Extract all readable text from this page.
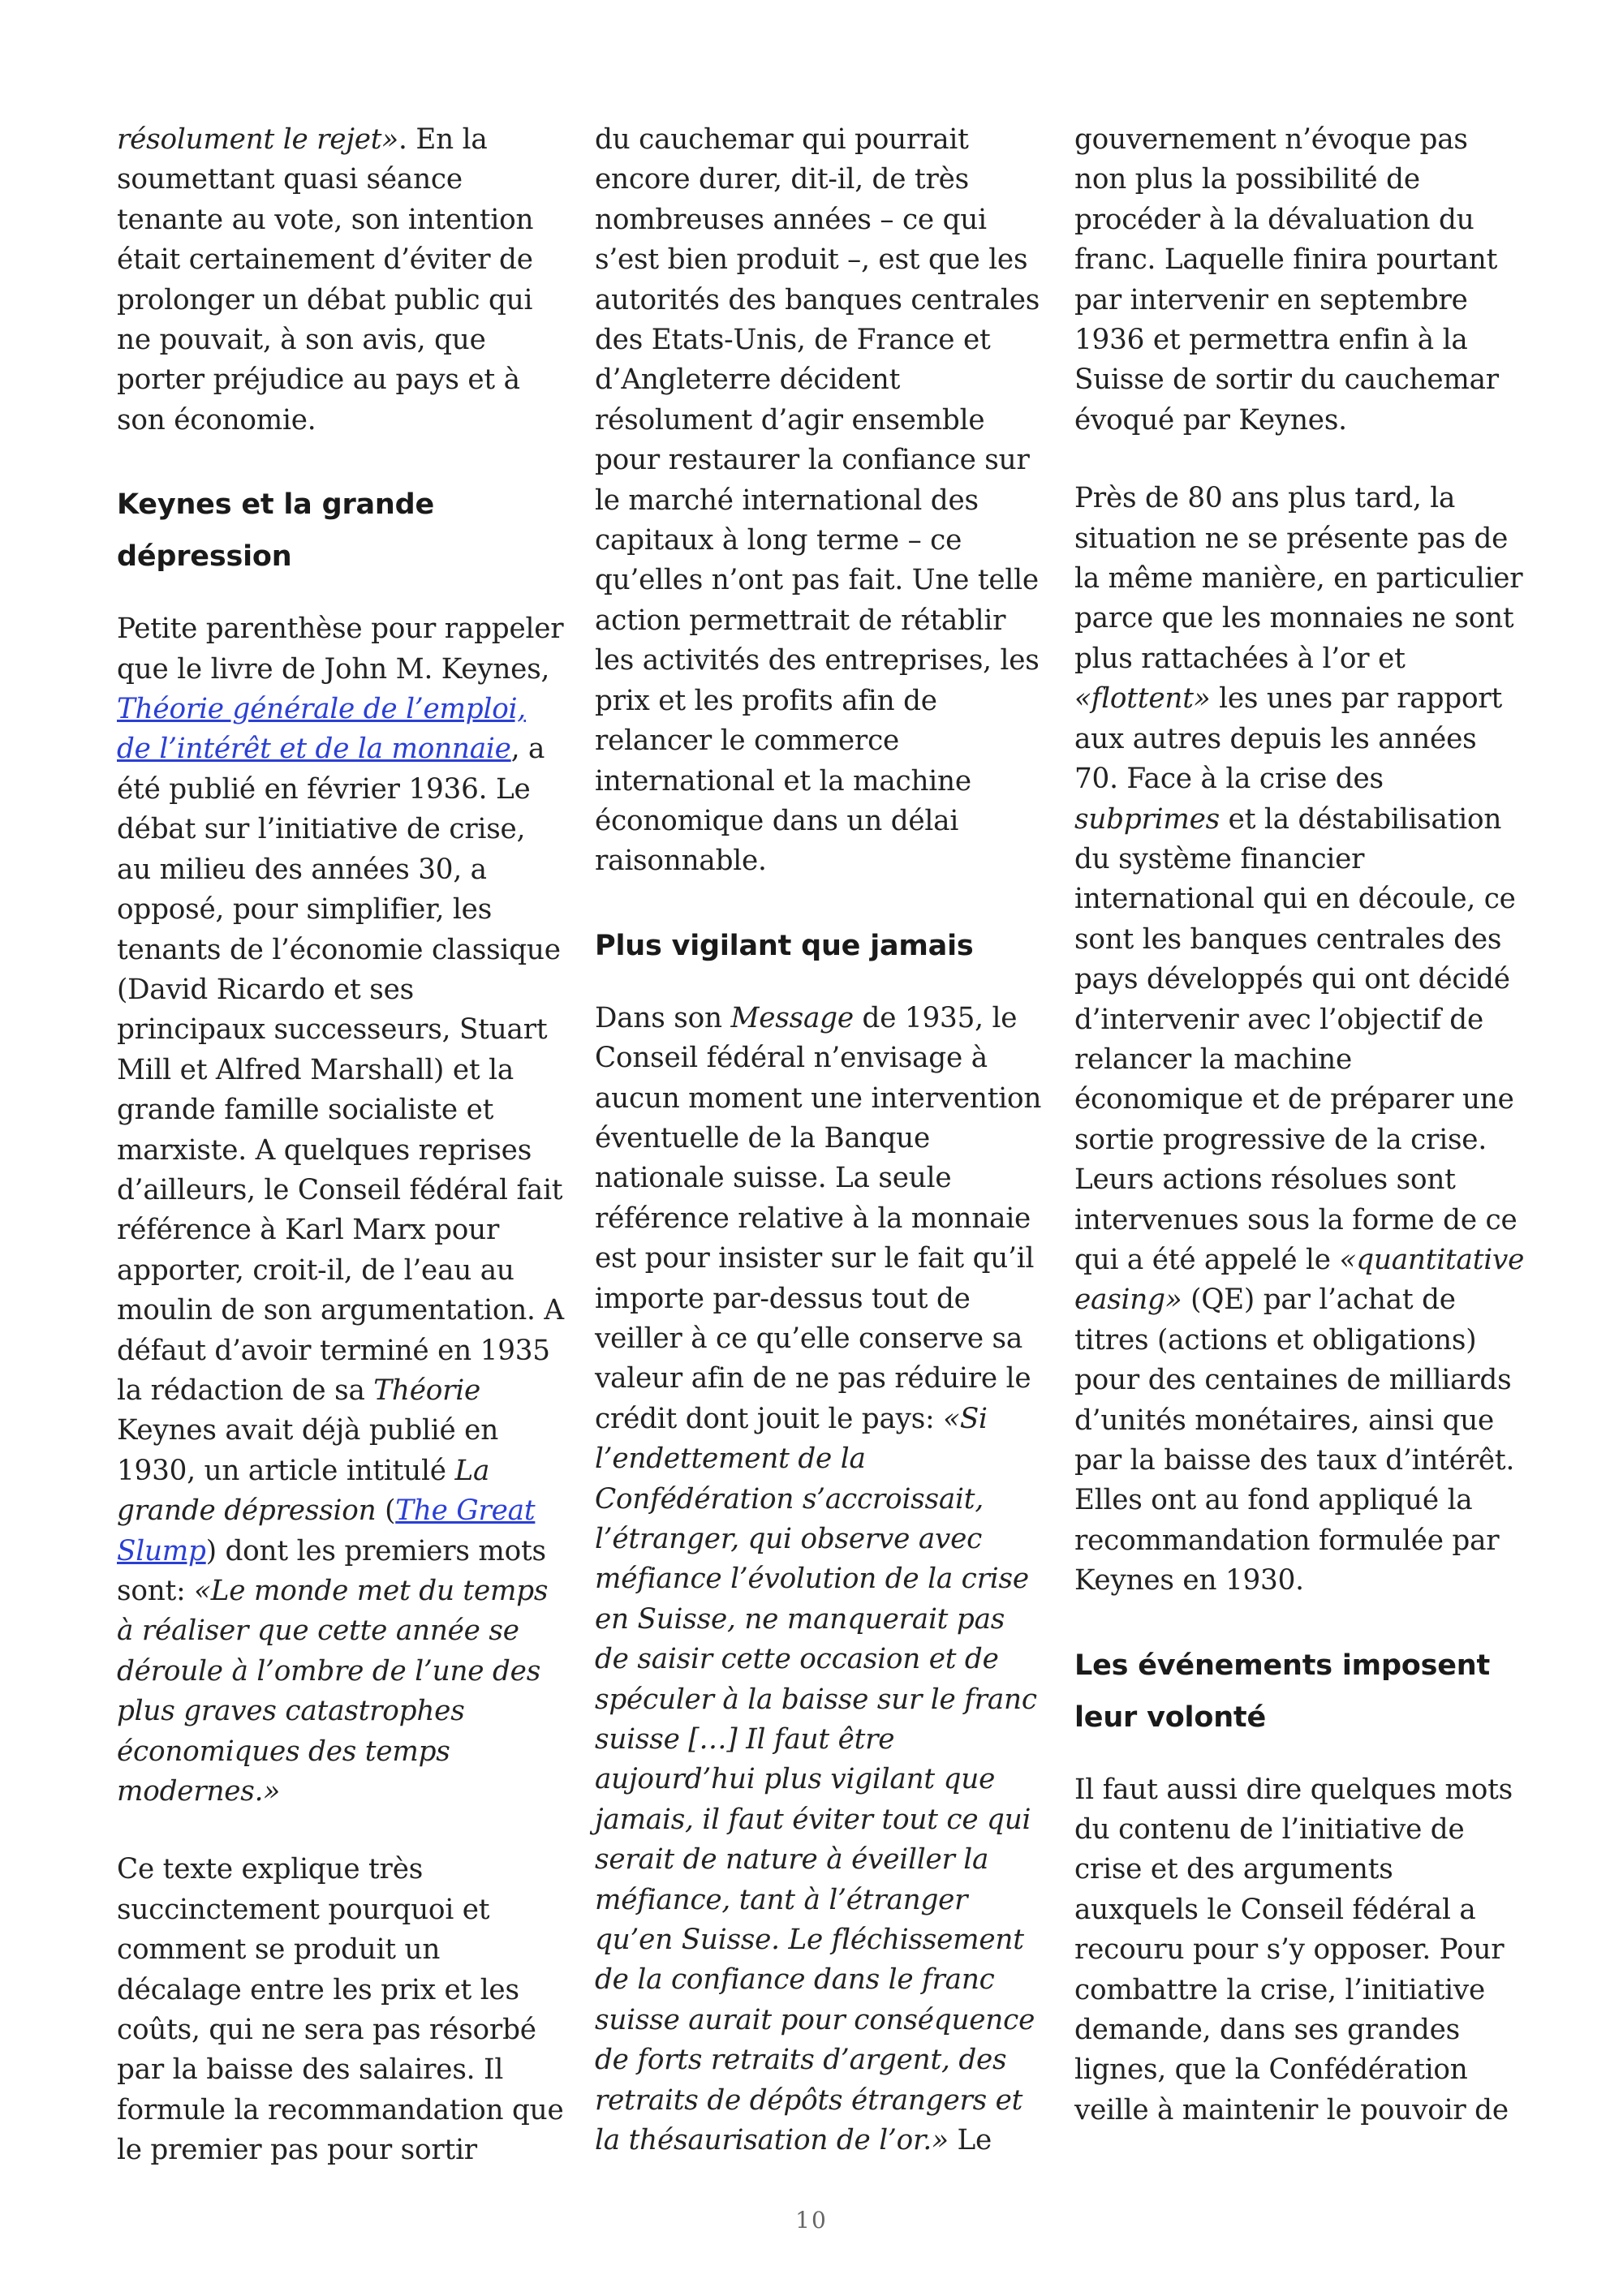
résolument le rejet». En la soumettant quasi séance tenante au vote, son intention était certainement d’éviter de prolonger un débat public qui ne pouvait, à son avis, que porter préjudice au pays et à son économie.

Keynes et la grande dépression

Petite parenthèse pour rappeler que le livre de John M. Keynes, Théorie générale de l’emploi, de l’intérêt et de la monnaie, a été publié en février 1936. Le débat sur l’initiative de crise, au milieu des années 30, a opposé, pour simplifier, les tenants de l’économie classique (David Ricardo et ses principaux successeurs, Stuart Mill et Alfred Marshall) et la grande famille socialiste et marxiste. A quelques reprises d’ailleurs, le Conseil fédéral fait référence à Karl Marx pour apporter, croit-il, de l’eau au moulin de son argumentation. A défaut d’avoir terminé en 1935 la rédaction de sa Théorie Keynes avait déjà publié en 1930, un article intitulé La grande dépression (The Great Slump) dont les premiers mots sont: «Le monde met du temps à réaliser que cette année se déroule à l’ombre de l’une des plus graves catastrophes économiques des temps modernes.»

Ce texte explique très succinctement pourquoi et comment se produit un décalage entre les prix et les coûts, qui ne sera pas résorbé par la baisse des salaires. Il formule la recommandation que le premier pas pour sortir

du cauchemar qui pourrait encore durer, dit-il, de très nombreuses années – ce qui s’est bien produit –, est que les autorités des banques centrales des Etats-Unis, de France et d’Angleterre décident résolument d’agir ensemble pour restaurer la confiance sur le marché international des capitaux à long terme – ce qu’elles n’ont pas fait. Une telle action permettrait de rétablir les activités des entreprises, les prix et les profits afin de relancer le commerce international et la machine économique dans un délai raisonnable.

Plus vigilant que jamais

Dans son Message de 1935, le Conseil fédéral n’envisage à aucun moment une intervention éventuelle de la Banque nationale suisse. La seule référence relative à la monnaie est pour insister sur le fait qu’il importe par-dessus tout de veiller à ce qu’elle conserve sa valeur afin de ne pas réduire le crédit dont jouit le pays: «Si l’endettement de la Confédération s’accroissait, l’étranger, qui observe avec méfiance l’évolution de la crise en Suisse, ne manquerait pas de saisir cette occasion et de spéculer à la baisse sur le franc suisse […] Il faut être aujourd’hui plus vigilant que jamais, il faut éviter tout ce qui serait de nature à éveiller la méfiance, tant à l’étranger qu’en Suisse. Le fléchissement de la confiance dans le franc suisse aurait pour conséquence de forts retraits d’argent, des retraits de dépôts étrangers et la thésaurisation de l’or.» Le

gouvernement n’évoque pas non plus la possibilité de procéder à la dévaluation du franc. Laquelle finira pourtant par intervenir en septembre 1936 et permettra enfin à la Suisse de sortir du cauchemar évoqué par Keynes.

Près de 80 ans plus tard, la situation ne se présente pas de la même manière, en particulier parce que les monnaies ne sont plus rattachées à l’or et «flottent» les unes par rapport aux autres depuis les années 70. Face à la crise des subprimes et la déstabilisation du système financier international qui en découle, ce sont les banques centrales des pays développés qui ont décidé d’intervenir avec l’objectif de relancer la machine économique et de préparer une sortie progressive de la crise. Leurs actions résolues sont intervenues sous la forme de ce qui a été appelé le «quantitative easing» (QE) par l’achat de titres (actions et obligations) pour des centaines de milliards d’unités monétaires, ainsi que par la baisse des taux d’intérêt. Elles ont au fond appliqué la recommandation formulée par Keynes en 1930.

Les événements imposent leur volonté

Il faut aussi dire quelques mots du contenu de l’initiative de crise et des arguments auxquels le Conseil fédéral a recouru pour s’y opposer. Pour combattre la crise, l’initiative demande, dans ses grandes lignes, que la Confédération veille à maintenir le pouvoir de

10
